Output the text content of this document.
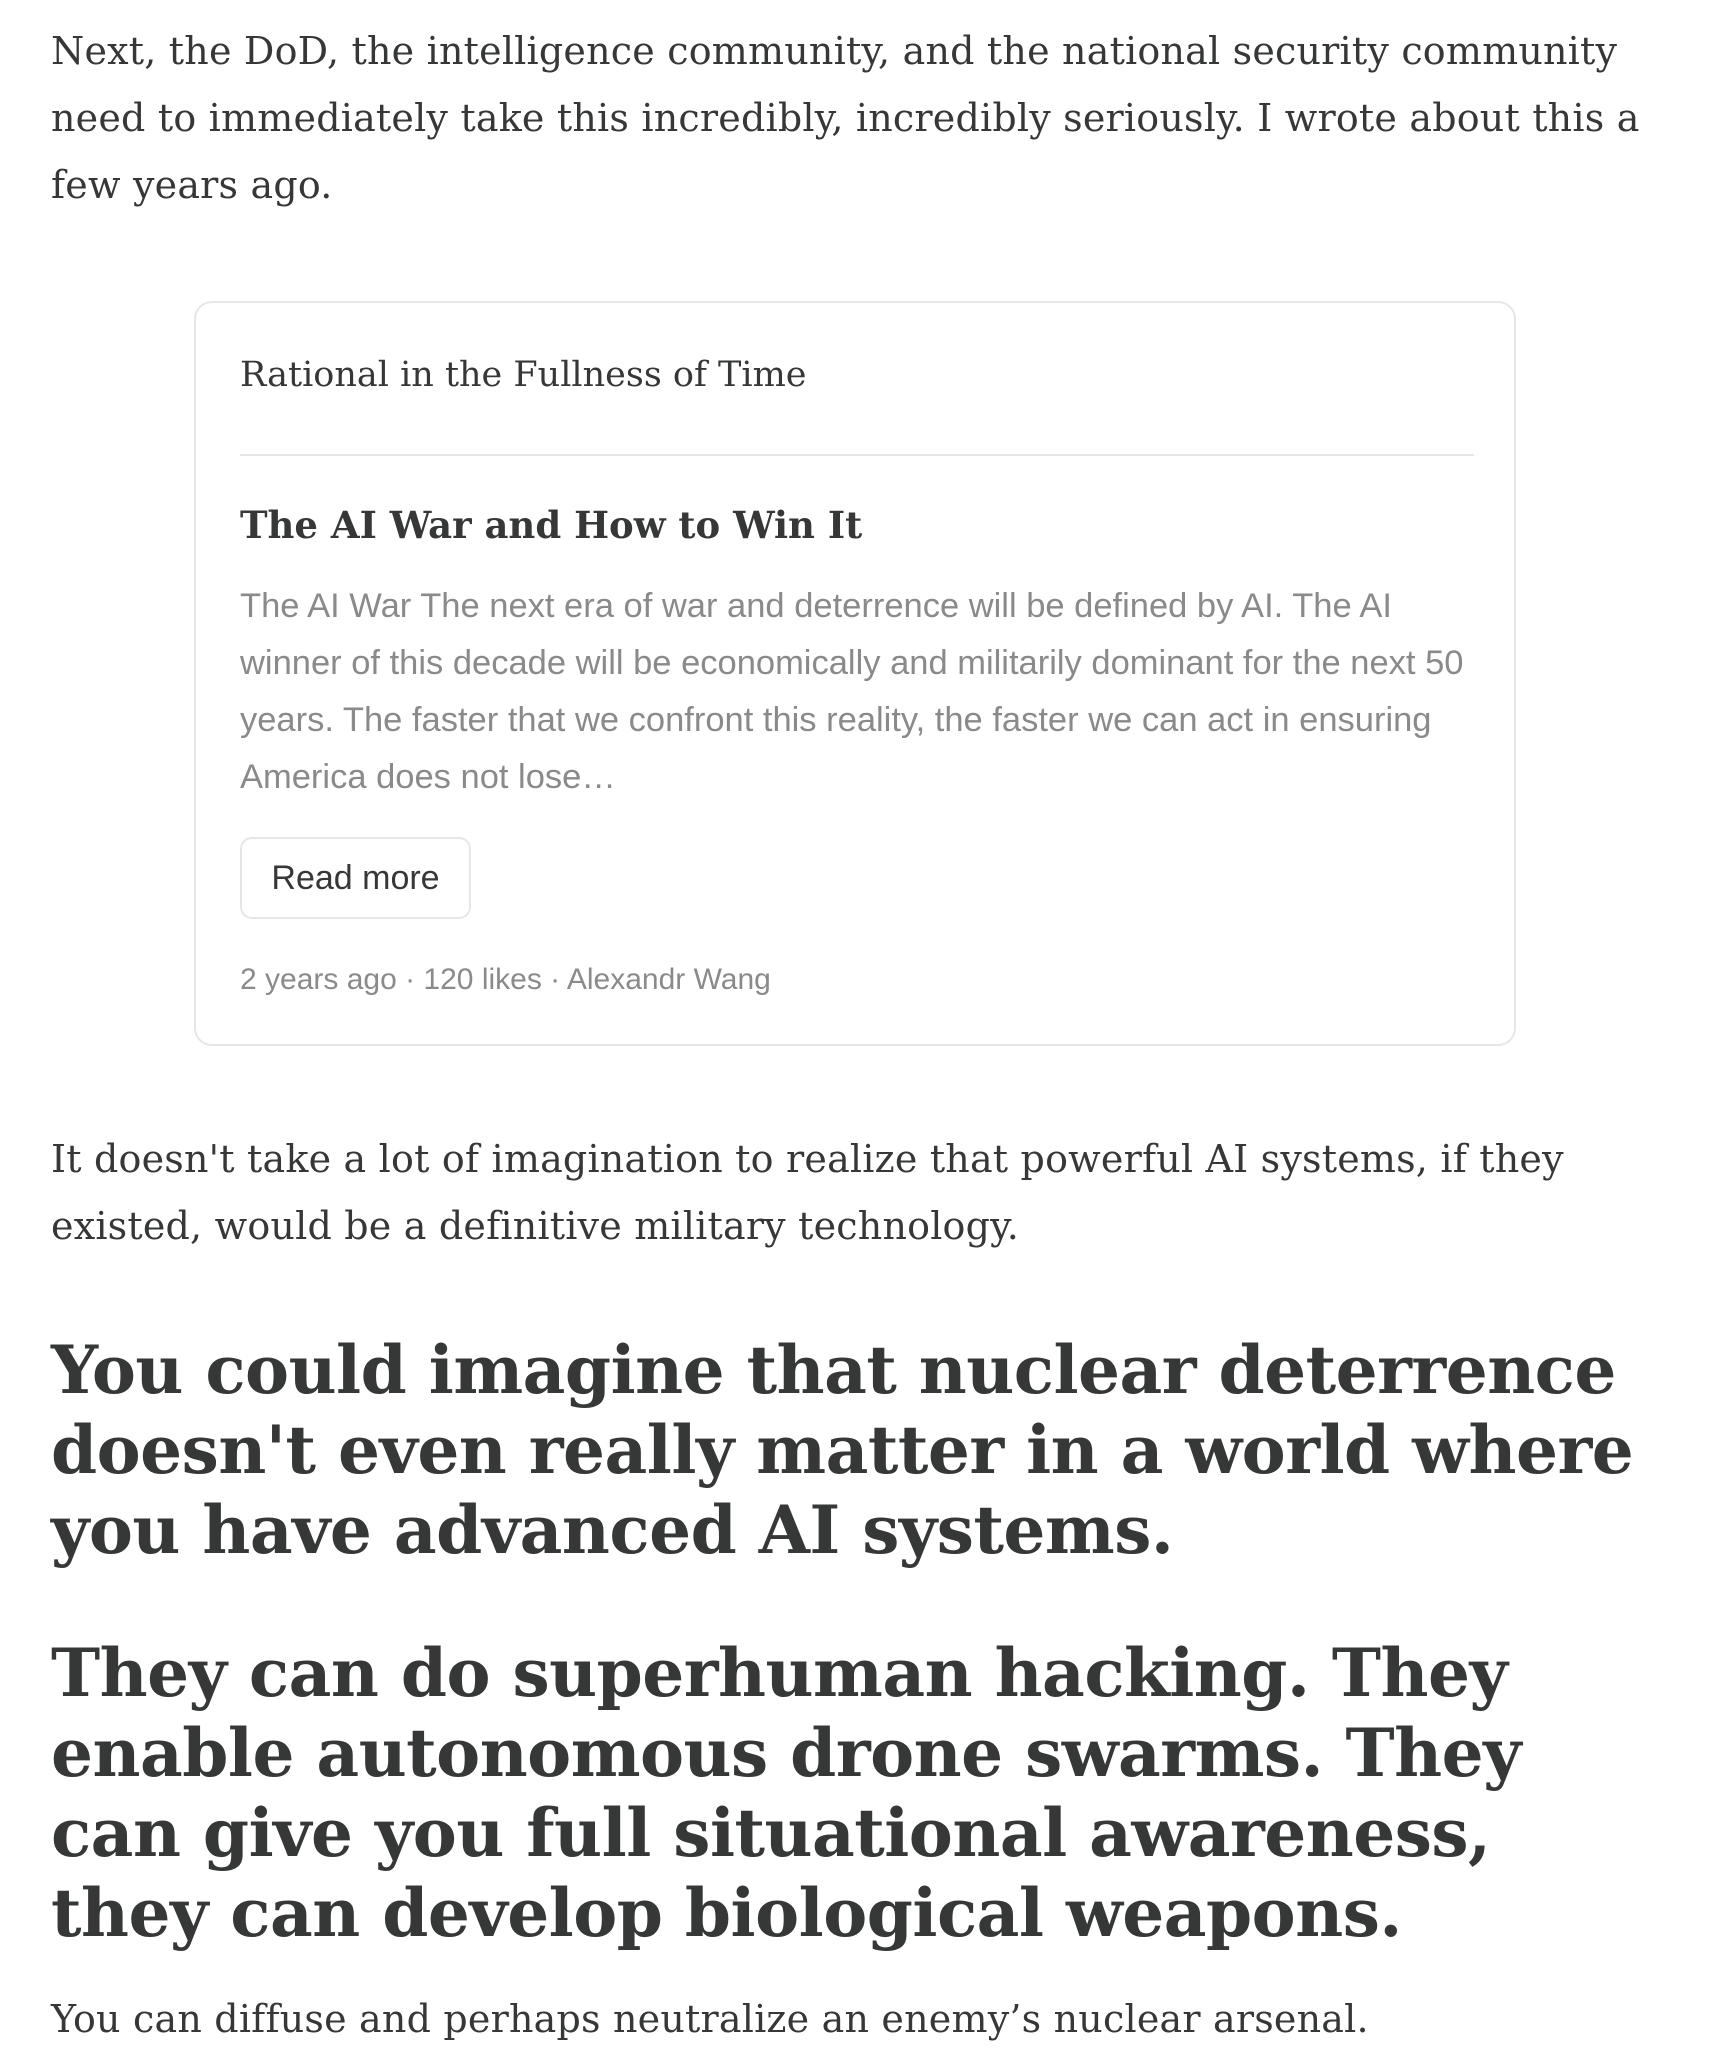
Next, the DoD, the intelligence community, and the national security community need to immediately take this incredibly, incredibly seriously. I wrote about this a few years ago.

Rational in the Fullness of Time
The AI War and How to Win It
The AI War The next era of war and deterrence will be defined by AI. The AI winner of this decade will be economically and militarily dominant for the next 50 years. The faster that we confront this reality, the faster we can act in ensuring America does not lose…
Read more
2 years ago · 120 likes · Alexandr Wang

It doesn't take a lot of imagination to realize that powerful AI systems, if they existed, would be a definitive military technology.

You could imagine that nuclear deterrence doesn't even really matter in a world where you have advanced AI systems.
They can do superhuman hacking. They enable autonomous drone swarms. They can give you full situational awareness, they can develop biological weapons.

You can diffuse and perhaps neutralize an enemy’s nuclear arsenal.
